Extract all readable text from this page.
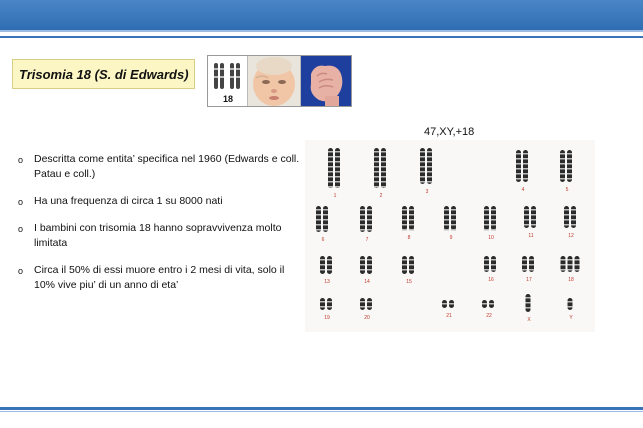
Trisomia 18 (S. di Edwards)
18
47,XY,+18
o Descritta come entita’ specifica nel 1960 (Edwards e coll. Patau e coll.)
o Ha una frequenza di circa 1 su 8000 nati
o I bambini con trisomia 18 hanno sopravvivenza molto limitata
o Circa il 50% di essi muore entro i 2 mesi di vita, solo il 10% vive piu’ di un anno di eta’
1	2
3	4	5
6	7	8	9	10	11	12
13	14	15	16	17	18
19	20	21	22
X	Y
